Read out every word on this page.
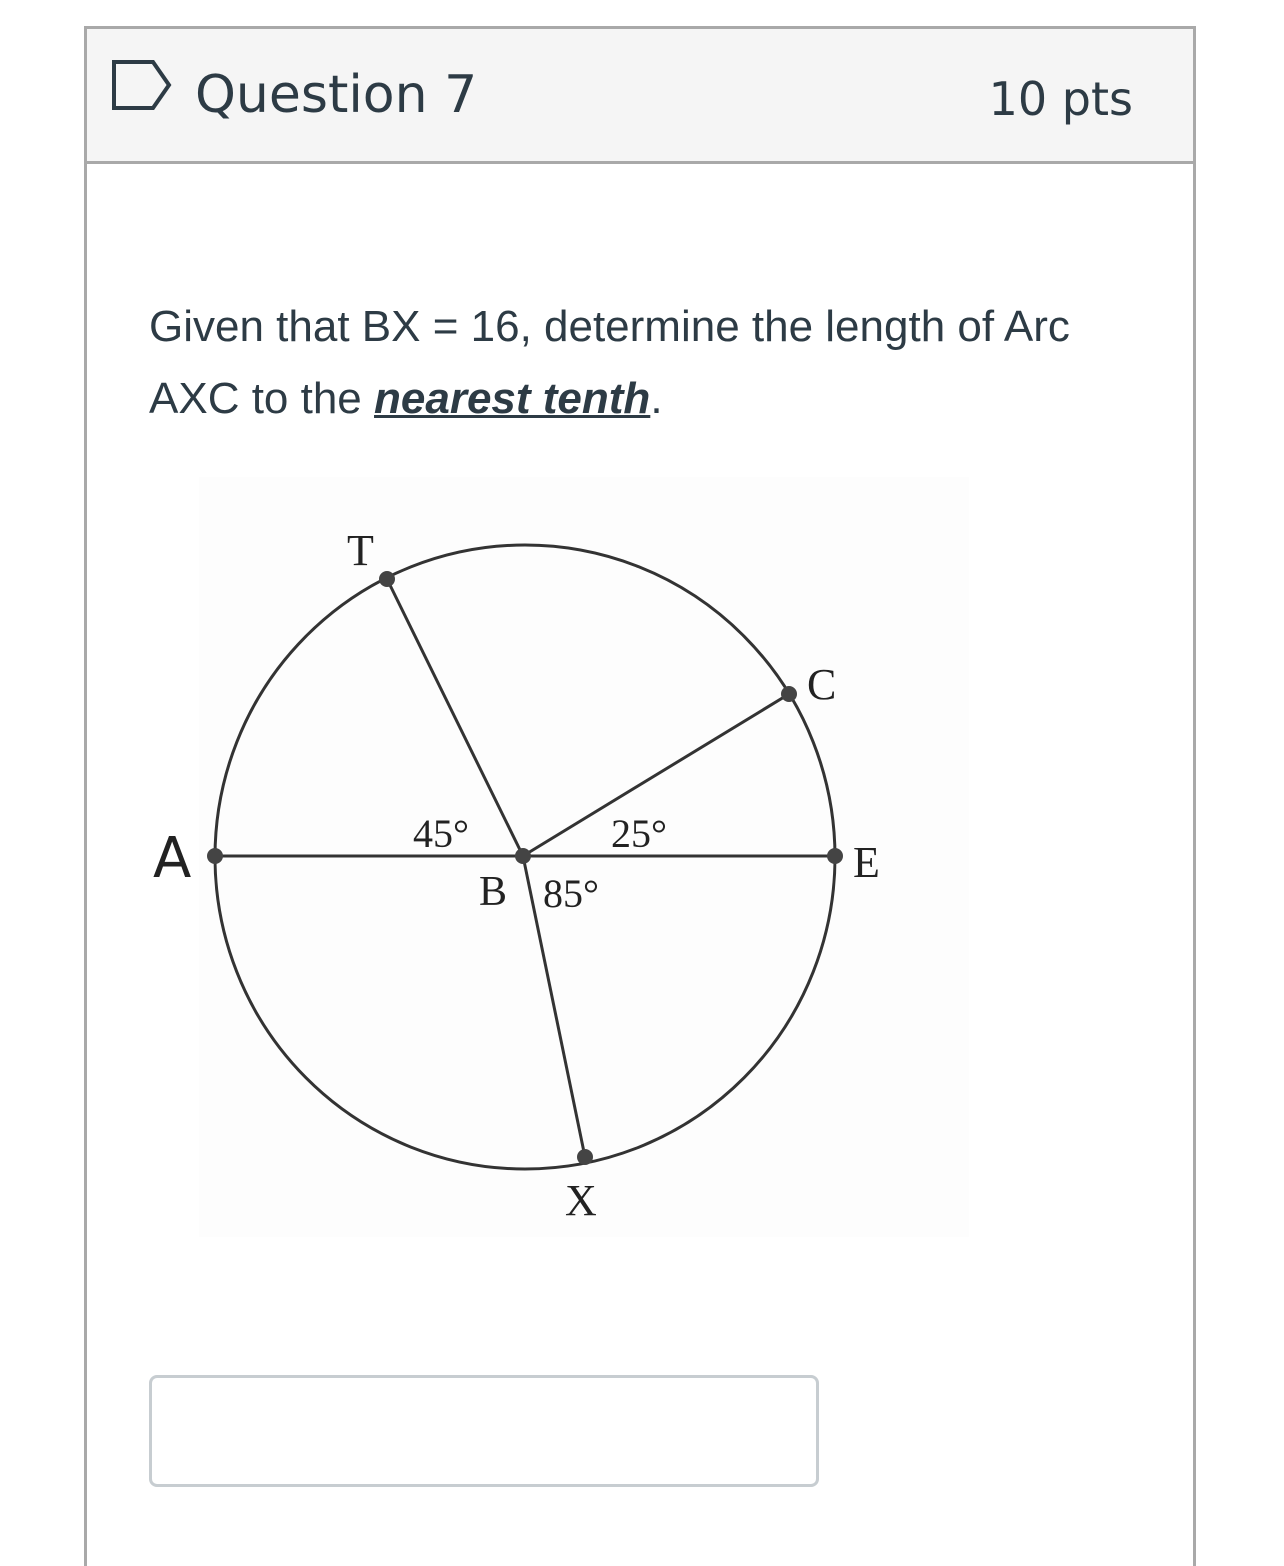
Question 7	10 pts
Given that BX = 16, determine the length of Arc AXC to the nearest tenth.
T
C
A	E
B
X
45°	25°
85°
